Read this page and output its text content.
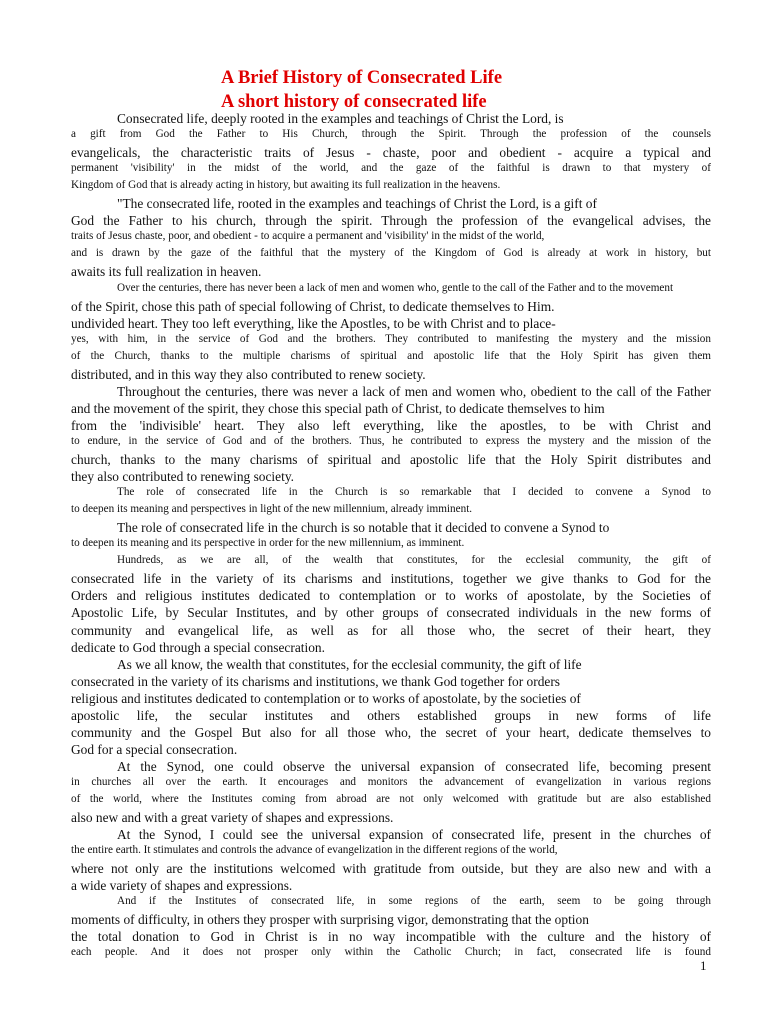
A Brief History of Consecrated Life
A short history of consecrated life
Consecrated life, deeply rooted in the examples and teachings of Christ the Lord, is
a gift from God the Father to His Church, through the Spirit. Through the profession of the counsels
evangelicals, the characteristic traits of Jesus - chaste, poor and obedient - acquire a typical and
permanent 'visibility' in the midst of the world, and the gaze of the faithful is drawn to that mystery of
Kingdom of God that is already acting in history, but awaiting its full realization in the heavens.
"The consecrated life, rooted in the examples and teachings of Christ the Lord, is a gift of
God the Father to his church, through the spirit. Through the profession of the evangelical advises, the
traits of Jesus chaste, poor, and obedient - to acquire a permanent and 'visibility' in the midst of the world,
and is drawn by the gaze of the faithful that the mystery of the Kingdom of God is already at work in history, but
awaits its full realization in heaven.
Over the centuries, there has never been a lack of men and women who, gentle to the call of the Father and to the movement
of the Spirit, chose this path of special following of Christ, to dedicate themselves to Him.
undivided heart. They too left everything, like the Apostles, to be with Christ and to place-
yes, with him, in the service of God and the brothers. They contributed to manifesting the mystery and the mission
of the Church, thanks to the multiple charisms of spiritual and apostolic life that the Holy Spirit has given them
distributed, and in this way they also contributed to renew society.
Throughout the centuries, there was never a lack of men and women who, obedient to the call of the Father
and the movement of the spirit, they chose this special path of Christ, to dedicate themselves to him
from the 'indivisible' heart. They also left everything, like the apostles, to be with Christ and
to endure, in the service of God and of the brothers. Thus, he contributed to express the mystery and the mission of the
church, thanks to the many charisms of spiritual and apostolic life that the Holy Spirit distributes and
they also contributed to renewing society.
The role of consecrated life in the Church is so remarkable that I decided to convene a Synod to
to deepen its meaning and perspectives in light of the new millennium, already imminent.
The role of consecrated life in the church is so notable that it decided to convene a Synod to
to deepen its meaning and its perspective in order for the new millennium, as imminent.
Hundreds, as we are all, of the wealth that constitutes, for the ecclesial community, the gift of
consecrated life in the variety of its charisms and institutions, together we give thanks to God for the
Orders and religious institutes dedicated to contemplation or to works of apostolate, by the Societies of
Apostolic Life, by Secular Institutes, and by other groups of consecrated individuals in the new forms of
community and evangelical life, as well as for all those who, the secret of their heart, they
dedicate to God through a special consecration.
As we all know, the wealth that constitutes, for the ecclesial community, the gift of life
consecrated in the variety of its charisms and institutions, we thank God together for orders
religious and institutes dedicated to contemplation or to works of apostolate, by the societies of
apostolic life, the secular institutes and others established groups in new forms of life
community and the Gospel But also for all those who, the secret of your heart, dedicate themselves to
God for a special consecration.
At the Synod, one could observe the universal expansion of consecrated life, becoming present
in churches all over the earth. It encourages and monitors the advancement of evangelization in various regions
of the world, where the Institutes coming from abroad are not only welcomed with gratitude but are also established
also new and with a great variety of shapes and expressions.
At the Synod, I could see the universal expansion of consecrated life, present in the churches of
the entire earth. It stimulates and controls the advance of evangelization in the different regions of the world,
where not only are the institutions welcomed with gratitude from outside, but they are also new and with a
a wide variety of shapes and expressions.
And if the Institutes of consecrated life, in some regions of the earth, seem to be going through
moments of difficulty, in others they prosper with surprising vigor, demonstrating that the option
the total donation to God in Christ is in no way incompatible with the culture and the history of
each people. And it does not prosper only within the Catholic Church; in fact, consecrated life is found
1
